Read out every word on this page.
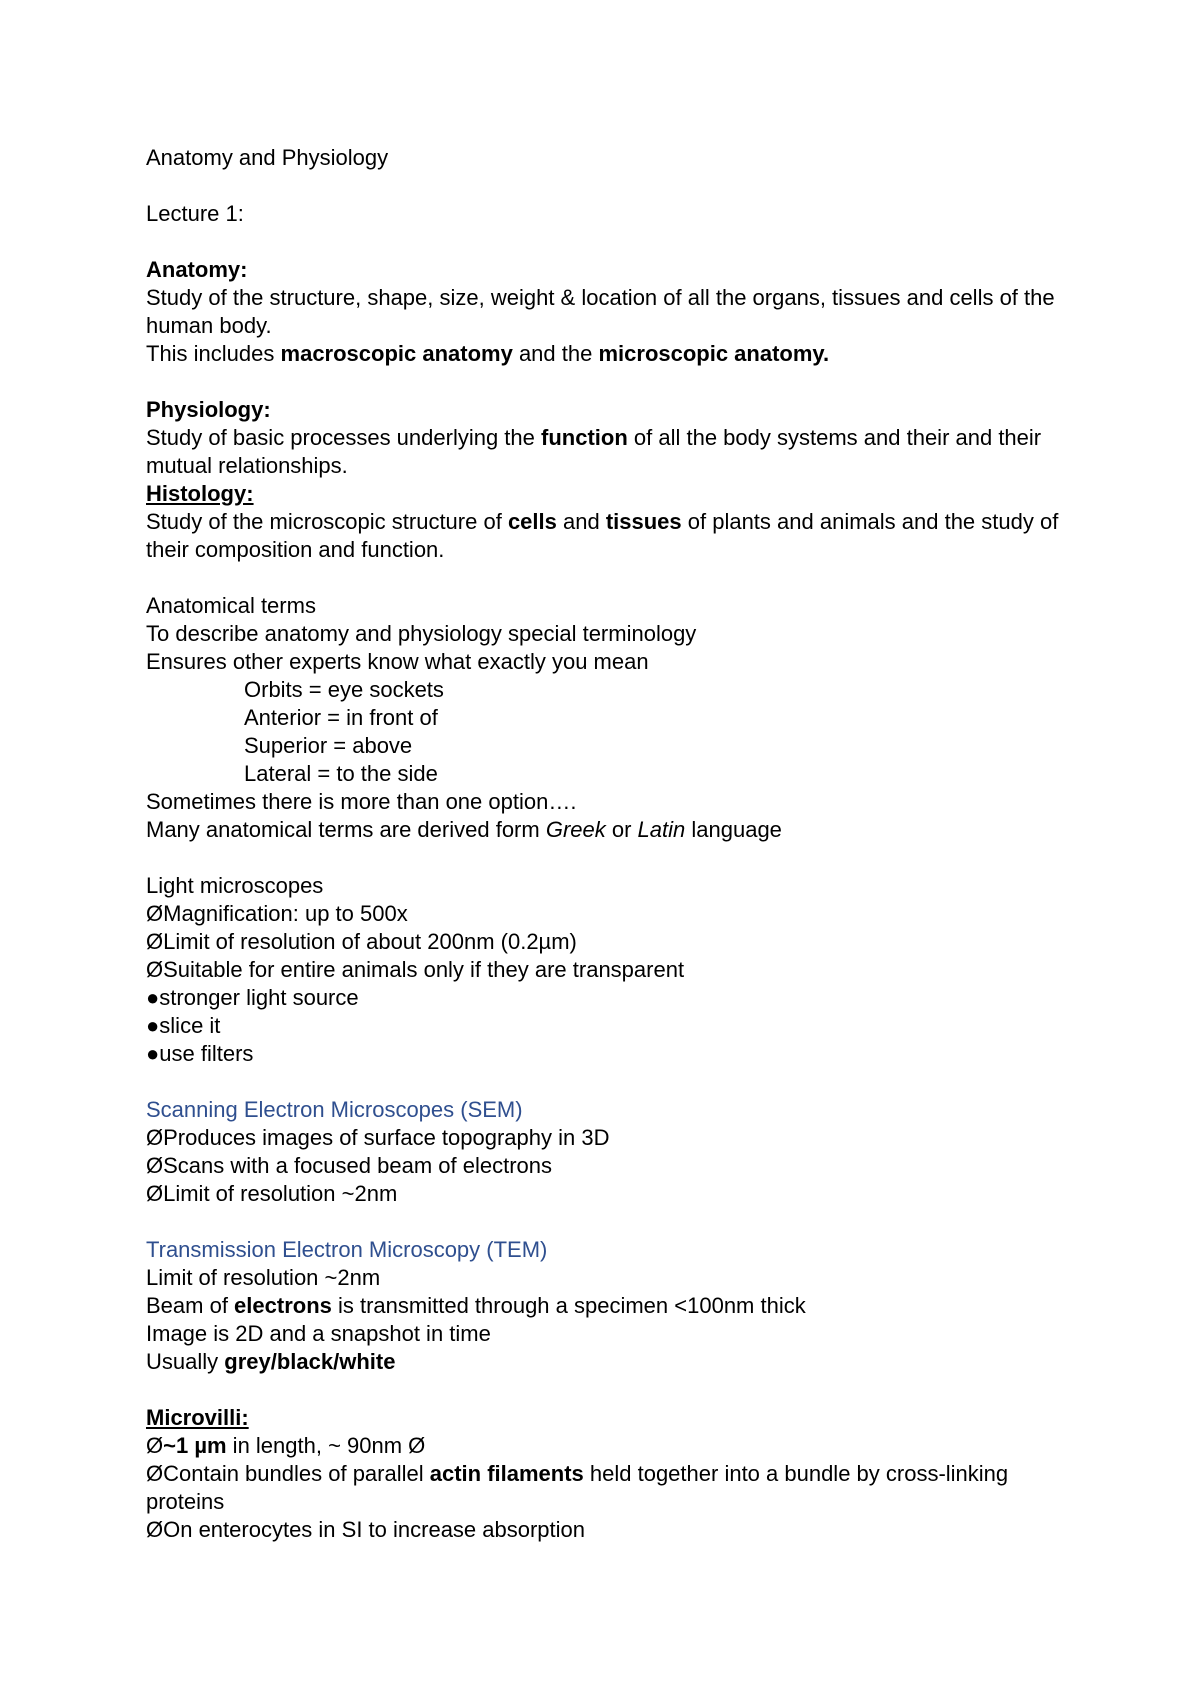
Anatomy and Physiology
Lecture 1:
Anatomy:
Study of the structure, shape, size, weight & location of all the organs, tissues and cells of the human body.
This includes macroscopic anatomy and the microscopic anatomy.
Physiology:
Study of basic processes underlying the function of all the body systems and their and their mutual relationships.
Histology:
Study of the microscopic structure of cells and tissues of plants and animals and the study of their composition and function.
Anatomical terms
To describe anatomy and physiology special terminology
Ensures other experts know what exactly you mean
Orbits = eye sockets
Anterior = in front of
Superior = above
Lateral = to the side
Sometimes there is more than one option….
Many anatomical terms are derived form Greek or Latin language
Light microscopes
ØMagnification: up to 500x
ØLimit of resolution of about 200nm (0.2µm)
ØSuitable for entire animals only if they are transparent
●stronger light source
●slice it
●use filters
Scanning Electron Microscopes (SEM)
ØProduces images of surface topography in 3D
ØScans with a focused beam of electrons
ØLimit of resolution ~2nm
Transmission Electron Microscopy (TEM)
Limit of resolution ~2nm
Beam of electrons is transmitted through a specimen <100nm thick
Image is 2D and a snapshot in time
Usually grey/black/white
Microvilli:
Ø~1 µm in length, ~ 90nm Ø
ØContain bundles of parallel actin filaments held together into a bundle by cross-linking proteins
ØOn enterocytes in SI to increase absorption
